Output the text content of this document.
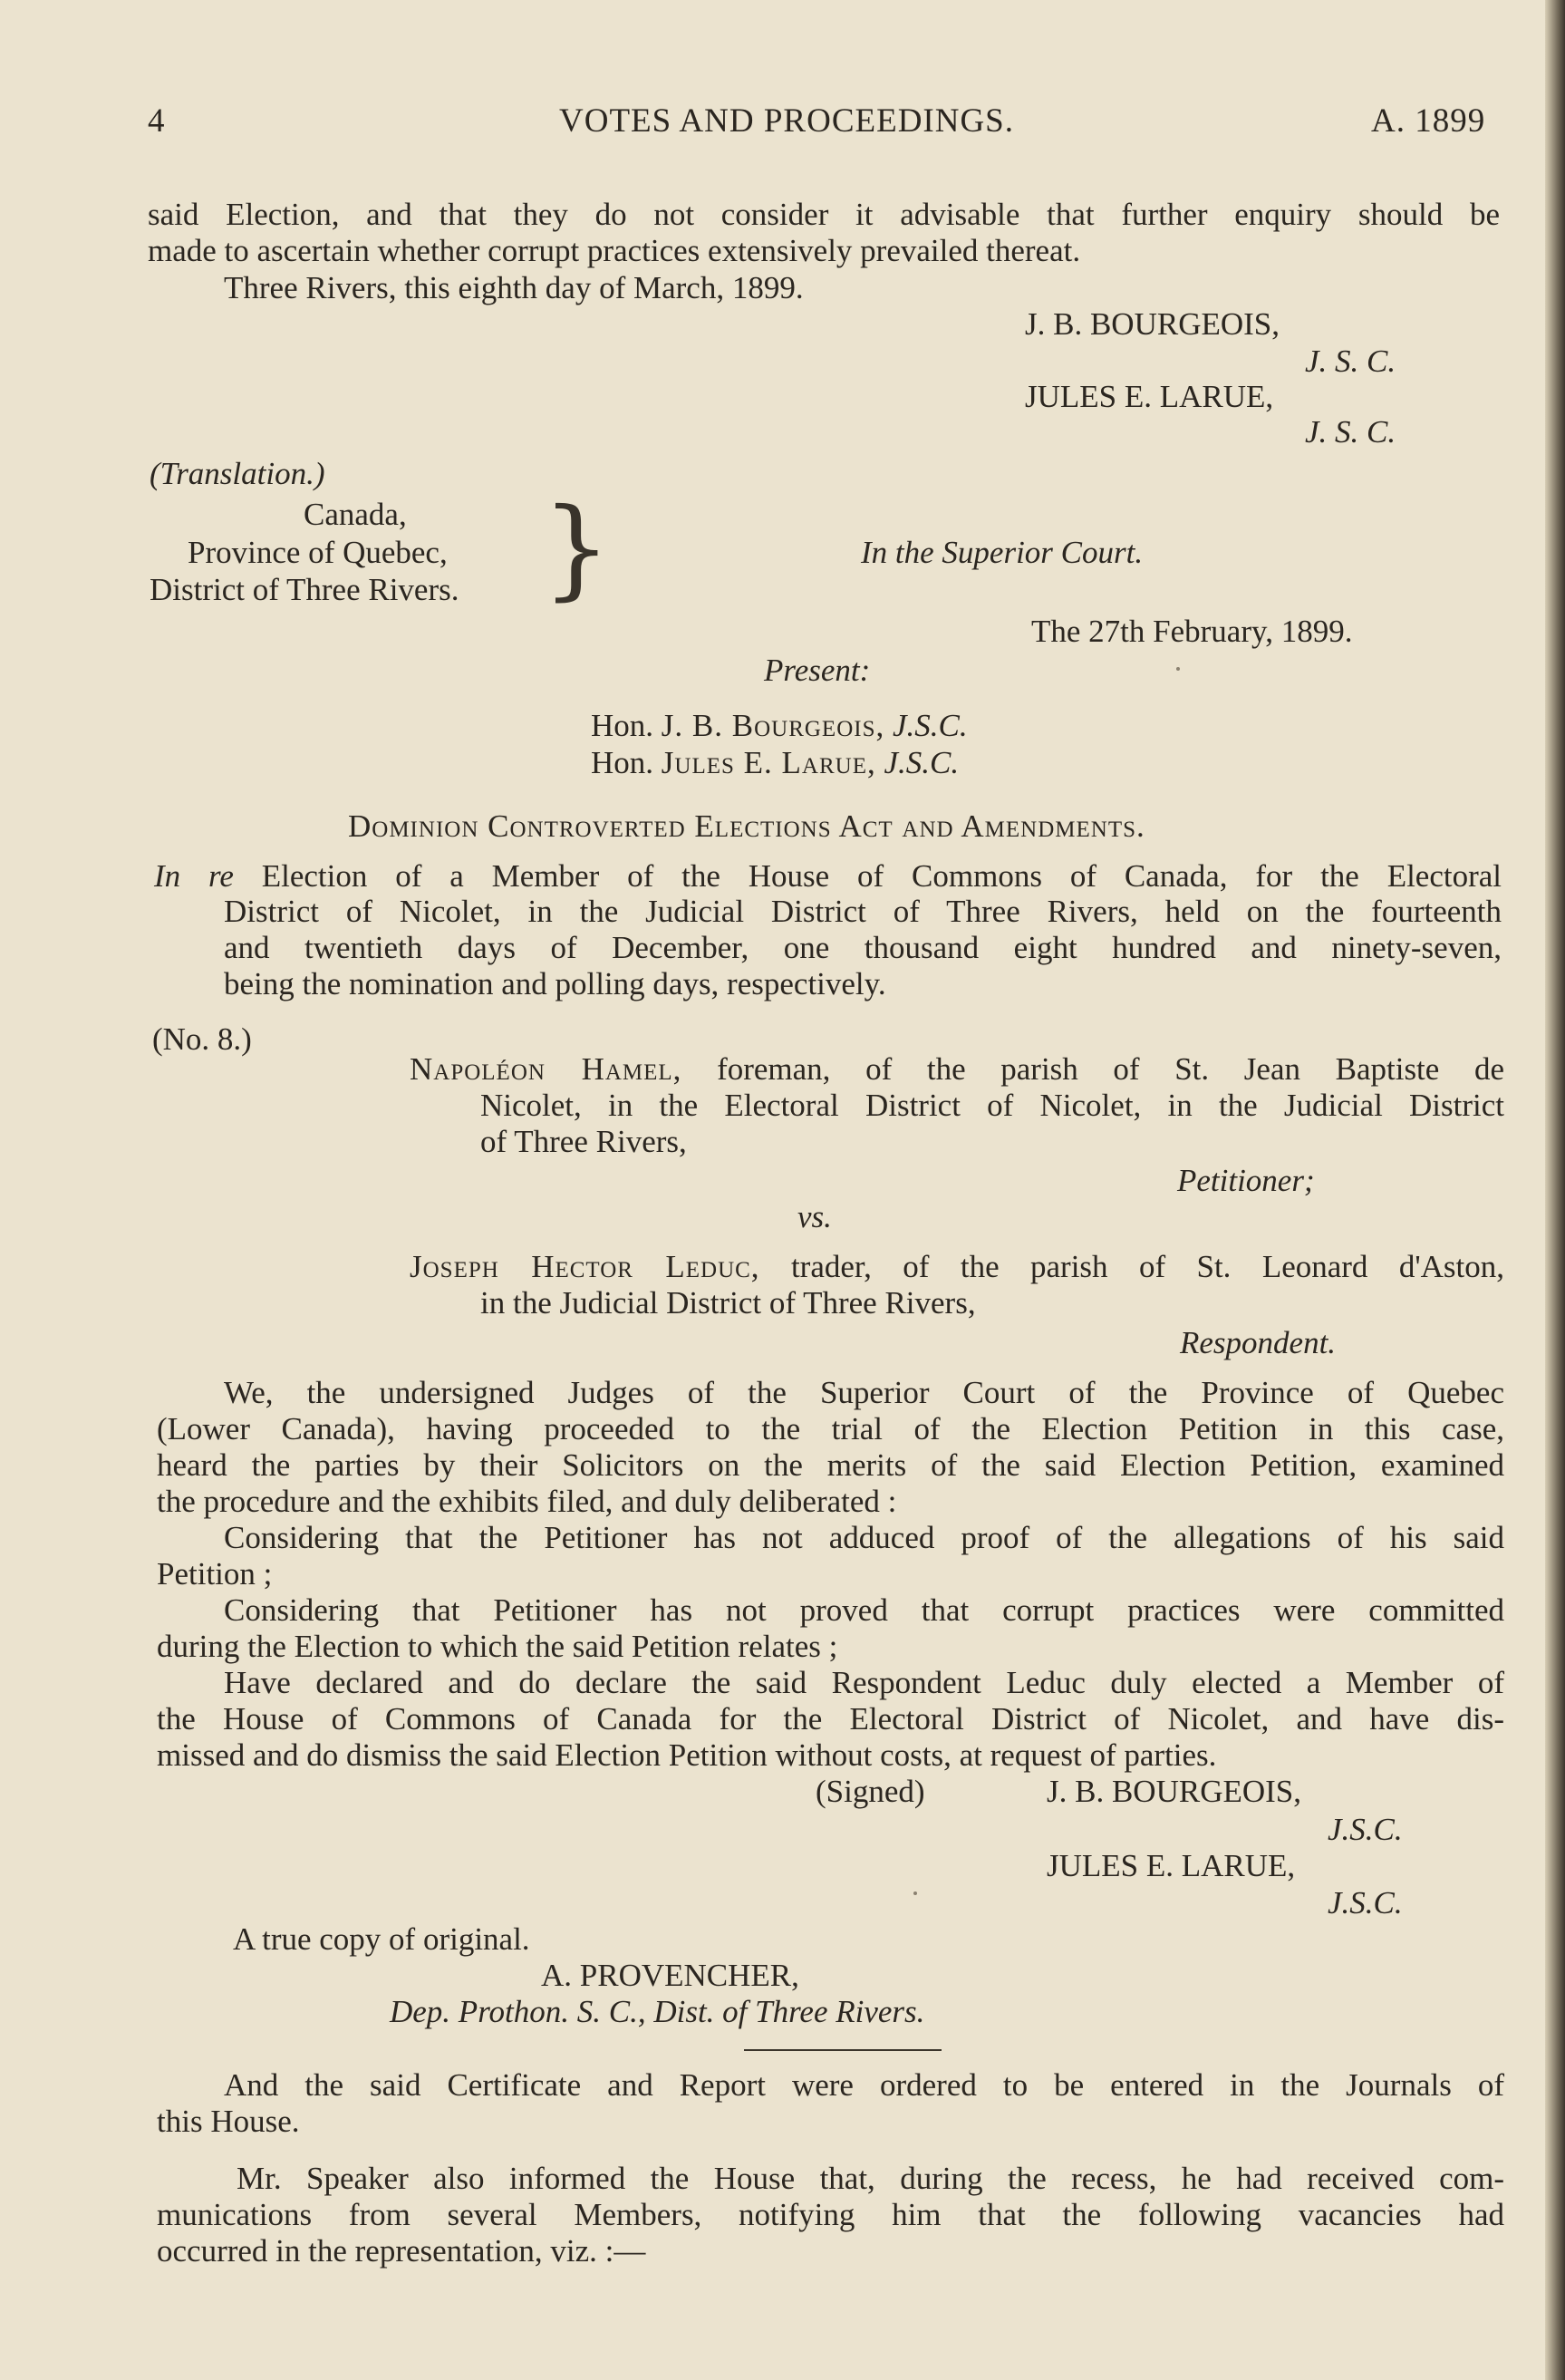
4	VOTES AND PROCEEDINGS.	A. 1899
said Election, and that they do not consider it advisable that further enquiry should be
made to ascertain whether corrupt practices extensively prevailed thereat.
Three Rivers, this eighth day of March, 1899.
J. B. BOURGEOIS,
J. S. C.
JULES E. LARUE,
J. S. C.
(Translation.)
Canada,
Province of Quebec,
District of Three Rivers. }	In the Superior Court.
The 27th February, 1899.
Present:
Hon. J. B. Bourgeois, J.S.C.
Hon. Jules E. Larue, J.S.C.
Dominion Controverted Elections Act and Amendments.
In re Election of a Member of the House of Commons of Canada, for the Electoral
District of Nicolet, in the Judicial District of Three Rivers, held on the fourteenth
and twentieth days of December, one thousand eight hundred and ninety-seven,
being the nomination and polling days, respectively.
(No. 8.)
Napoléon Hamel, foreman, of the parish of St. Jean Baptiste de
Nicolet, in the Electoral District of Nicolet, in the Judicial District
of Three Rivers,
Petitioner;
vs.
Joseph Hector Leduc, trader, of the parish of St. Leonard d'Aston,
in the Judicial District of Three Rivers,
Respondent.
We, the undersigned Judges of the Superior Court of the Province of Quebec
(Lower Canada), having proceeded to the trial of the Election Petition in this case,
heard the parties by their Solicitors on the merits of the said Election Petition, examined
the procedure and the exhibits filed, and duly deliberated :
Considering that the Petitioner has not adduced proof of the allegations of his said
Petition ;
Considering that Petitioner has not proved that corrupt practices were committed
during the Election to which the said Petition relates ;
Have declared and do declare the said Respondent Leduc duly elected a Member of
the House of Commons of Canada for the Electoral District of Nicolet, and have dis-
missed and do dismiss the said Election Petition without costs, at request of parties.
(Signed)	J. B. BOURGEOIS,
J.S.C.
JULES E. LARUE,
J.S.C.
A true copy of original.
A. PROVENCHER,
Dep. Prothon. S. C., Dist. of Three Rivers.
And the said Certificate and Report were ordered to be entered in the Journals of
this House.
Mr. Speaker also informed the House that, during the recess, he had received com-
munications from several Members, notifying him that the following vacancies had
occurred in the representation, viz. :—
